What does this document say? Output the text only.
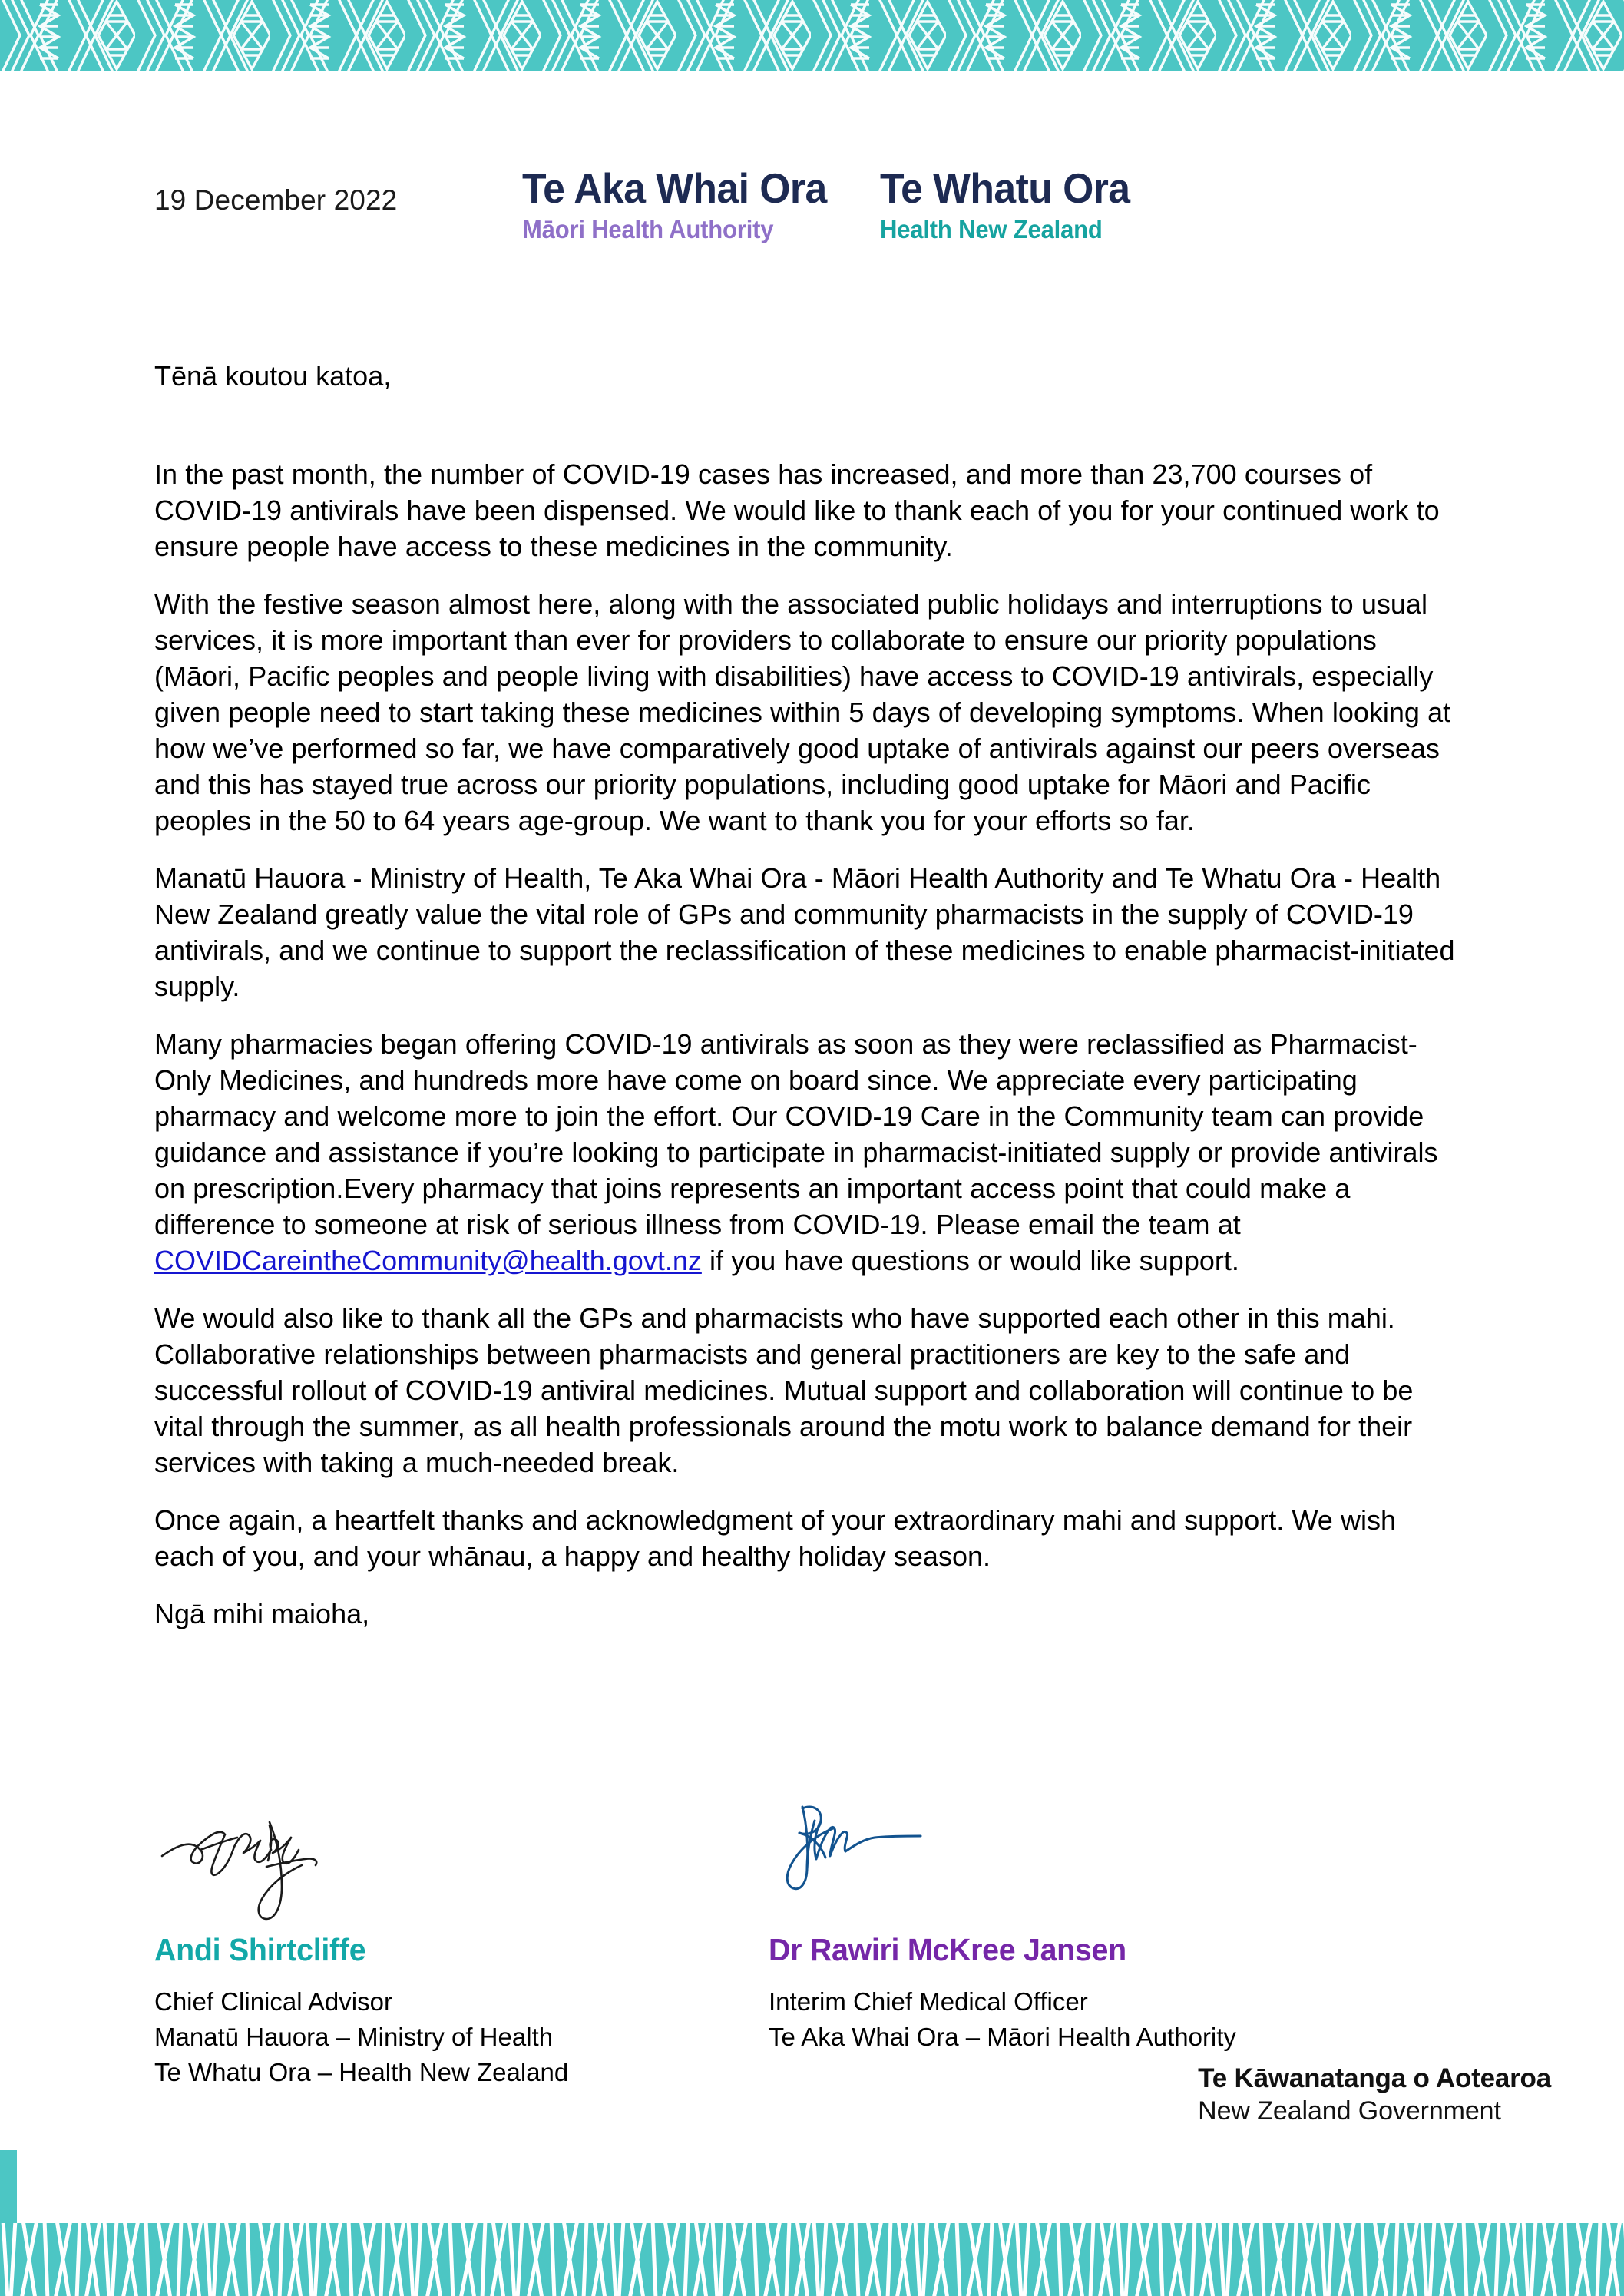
19 December 2022	Te Aka Whai Ora
Māori Health Authority
Te Whatu Ora
Health New Zealand

Tēnā koutou katoa,

In the past month, the number of COVID-19 cases has increased, and more than 23,700 courses of COVID-19 antivirals have been dispensed. We would like to thank each of you for your continued work to ensure people have access to these medicines in the community.

With the festive season almost here, along with the associated public holidays and interruptions to usual services, it is more important than ever for providers to collaborate to ensure our priority populations (Māori, Pacific peoples and people living with disabilities) have access to COVID-19 antivirals, especially given people need to start taking these medicines within 5 days of developing symptoms. When looking at how we’ve performed so far, we have comparatively good uptake of antivirals against our peers overseas and this has stayed true across our priority populations, including good uptake for Māori and Pacific peoples in the 50 to 64 years age-group. We want to thank you for your efforts so far.

Manatū Hauora - Ministry of Health, Te Aka Whai Ora - Māori Health Authority and Te Whatu Ora - Health New Zealand greatly value the vital role of GPs and community pharmacists in the supply of COVID-19 antivirals, and we continue to support the reclassification of these medicines to enable pharmacist-initiated supply.

Many pharmacies began offering COVID-19 antivirals as soon as they were reclassified as Pharmacist-Only Medicines, and hundreds more have come on board since. We appreciate every participating pharmacy and welcome more to join the effort. Our COVID-19 Care in the Community team can provide guidance and assistance if you’re looking to participate in pharmacist-initiated supply or provide antivirals on prescription.Every pharmacy that joins represents an important access point that could make a difference to someone at risk of serious illness from COVID-19. Please email the team at COVIDCareintheCommunity@health.govt.nz if you have questions or would like support.

We would also like to thank all the GPs and pharmacists who have supported each other in this mahi. Collaborative relationships between pharmacists and general practitioners are key to the safe and successful rollout of COVID-19 antiviral medicines. Mutual support and collaboration will continue to be vital through the summer, as all health professionals around the motu work to balance demand for their services with taking a much-needed break.

Once again, a heartfelt thanks and acknowledgment of your extraordinary mahi and support. We wish each of you, and your whānau, a happy and healthy holiday season.

Ngā mihi maioha,

Andi Shirtcliffe

Chief Clinical Advisor

Manatū Hauora – Ministry of Health

Te Whatu Ora – Health New Zealand

Dr Rawiri McKree Jansen

Interim Chief Medical Officer

Te Aka Whai Ora – Māori Health Authority

Te Kāwanatanga o Aotearoa
New Zealand Government
